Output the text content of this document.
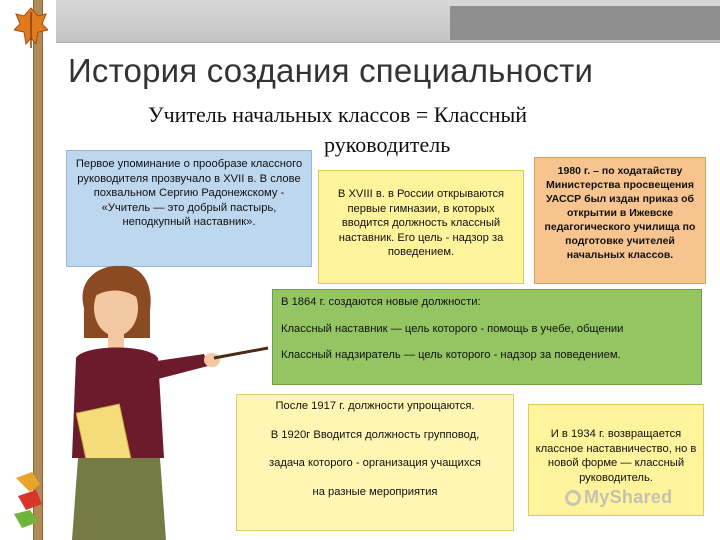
История создания специальности
Учитель начальных классов = Классный
руководитель
Первое упоминание о прообразе классного руководителя прозвучало в XVII в. В слове похвальном Сергию Радонежскому - «Учитель — это добрый пастырь, неподкупный наставник».
В XVIII в. в России открываются первые гимназии, в которых вводится должность классный наставник. Его цель - надзор за поведением.
1980 г. – по ходатайству Министерства просвещения УАССР был издан приказ об открытии в Ижевске педагогического училища по подготовке учителей начальных классов.

В 1864 г. создаются новые должности:

Классный наставник — цель которого - помощь в учебе, общении

Классный надзиратель — цель которого - надзор за поведением.

После 1917 г. должности упрощаются.

В 1920г Вводится должность групповод,

задача которого - организация учащихся

на разные мероприятия

И в 1934 г. возвращается классное наставничество, но в новой форме — классный руководитель.
MyShared
